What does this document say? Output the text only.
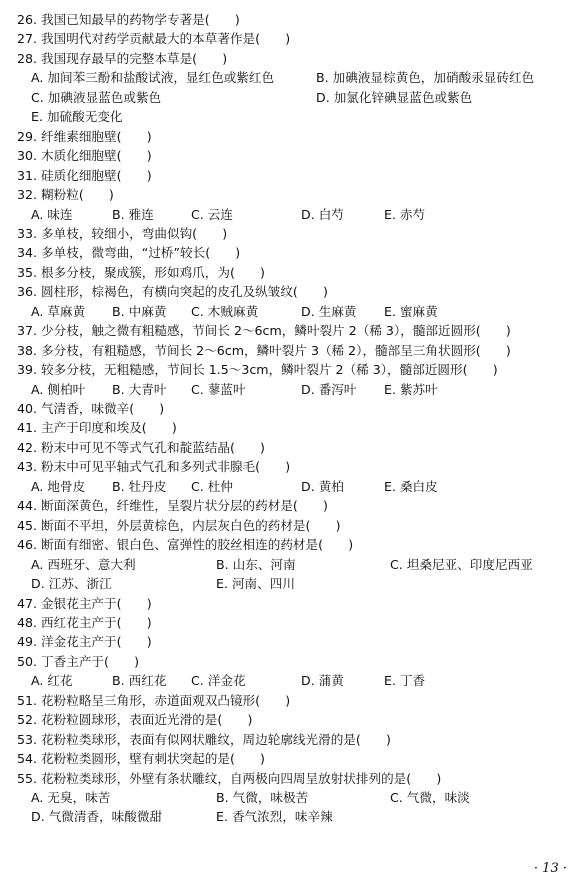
26. 我国已知最早的药物学专著是(　　)
27. 我国明代对药学贡献最大的本草著作是(　　)
28. 我国现存最早的完整本草是(　　)
A. 加间苯三酚和盐酸试液，显红色或紫红色	B. 加碘液显棕黄色，加硝酸汞显砖红色
C. 加碘液显蓝色或紫色	D. 加氯化锌碘显蓝色或紫色
E. 加硫酸无变化
29. 纤维素细胞壁(　　)
30. 木质化细胞壁(　　)
31. 硅质化细胞壁(　　)
32. 糊粉粒(　　)
A. 味连	B. 雅连	C. 云连	D. 白芍	E. 赤芍
33. 多单枝，较细小，弯曲似钩(　　)
34. 多单枝，微弯曲，“过桥”较长(　　)
35. 根多分枝，聚成簇，形如鸡爪，为(　　)
36. 圆柱形，棕褐色，有横向突起的皮孔及纵皱纹(　　)
A. 草麻黄 B. 中麻黄 C. 木贼麻黄	D. 生麻黄 E. 蜜麻黄
37. 少分枝，触之微有粗糙感，节间长 2～6cm，鳞叶裂片 2（稀 3），髓部近圆形(　　)
38. 多分枝，有粗糙感，节间长 2～6cm，鳞叶裂片 3（稀 2），髓部呈三角状圆形(　　)
39. 较多分枝，无粗糙感，节间长 1.5～3cm，鳞叶裂片 2（稀 3），髓部近圆形(　　)
A. 侧柏叶 B. 大青叶 C. 蓼蓝叶	D. 番泻叶 E. 紫苏叶
40. 气清香，味微辛(　　)
41. 主产于印度和埃及(　　)
42. 粉末中可见不等式气孔和靛蓝结晶(　　)
43. 粉末中可见平轴式气孔和多列式非腺毛(　　)
A. 地骨皮 B. 牡丹皮 C. 杜仲	D. 黄柏	E. 桑白皮
44. 断面深黄色，纤维性，呈裂片状分层的药材是(　　)
45. 断面不平坦，外层黄棕色，内层灰白色的药材是(　　)
46. 断面有细密、银白色、富弹性的胶丝相连的药材是(　　)
A. 西班牙、意大利	B. 山东、河南	C. 坦桑尼亚、印度尼西亚
D. 江苏、浙江	E. 河南、四川
47. 金银花主产于(　　)
48. 西红花主产于(　　)
49. 洋金花主产于(　　)
50. 丁香主产于(　　)
A. 红花	B. 西红花 C. 洋金花	D. 蒲黄	E. 丁香
51. 花粉粒略呈三角形，赤道面观双凸镜形(　　)
52. 花粉粒圆球形，表面近光滑的是(　　)
53. 花粉粒类球形，表面有似网状雕纹，周边轮廓线光滑的是(　　)
54. 花粉粒类圆形，壁有刺状突起的是(　　)
55. 花粉粒类球形，外壁有条状雕纹，自两极向四周呈放射状排列的是(　　)
A. 无臭，味苦	B. 气微，味极苦	C. 气微，味淡
D. 气微清香，味酸微甜	E. 香气浓烈，味辛辣
· 13 ·
